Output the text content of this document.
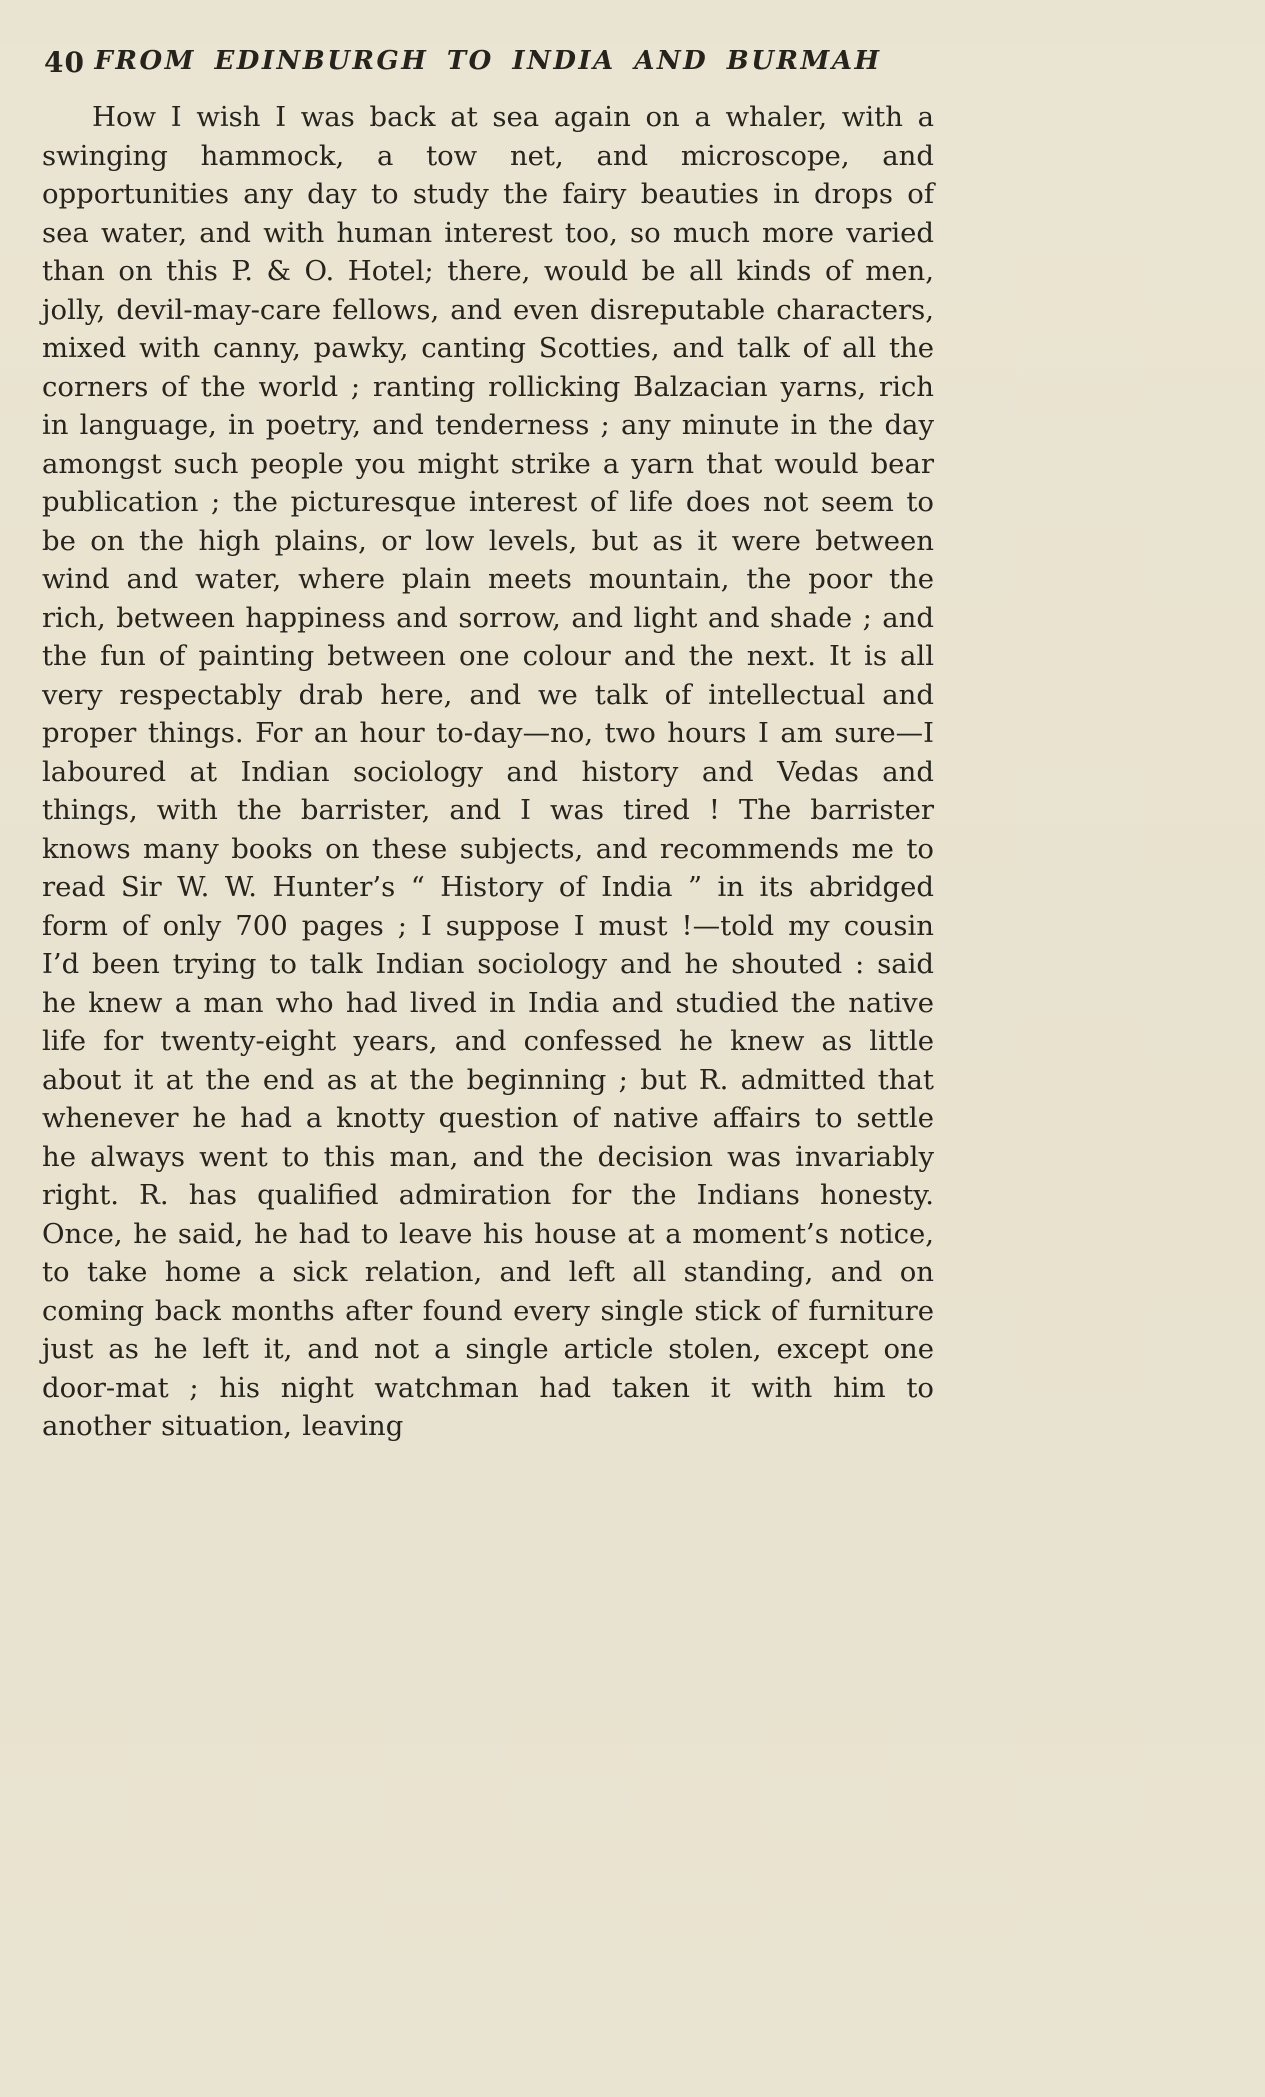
40 FROM EDINBURGH TO INDIA AND BURMAH

How I wish I was back at sea again on a whaler, with a swinging hammock, a tow net, and microscope, and opportunities any day to study the fairy beauties in drops of sea water, and with human interest too, so much more varied than on this P. & O. Hotel; there, would be all kinds of men, jolly, devil-may-care fellows, and even disreputable characters, mixed with canny, pawky, canting Scotties, and talk of all the corners of the world ; ranting rollicking Balzacian yarns, rich in language, in poetry, and tenderness ; any minute in the day amongst such people you might strike a yarn that would bear publication ; the picturesque interest of life does not seem to be on the high plains, or low levels, but as it were between wind and water, where plain meets mountain, the poor the rich, between happiness and sorrow, and light and shade ; and the fun of painting between one colour and the next. It is all very respectably drab here, and we talk of intellectual and proper things. For an hour to-day—no, two hours I am sure—I laboured at Indian sociology and history and Vedas and things, with the barrister, and I was tired ! The barrister knows many books on these subjects, and recommends me to read Sir W. W. Hunter’s “ History of India ” in its abridged form of only 700 pages ; I suppose I must !—told my cousin I’d been trying to talk Indian sociology and he shouted : said he knew a man who had lived in India and studied the native life for twenty-eight years, and confessed he knew as little about it at the end as at the beginning ; but R. admitted that whenever he had a knotty question of native affairs to settle he always went to this man, and the decision was invariably right. R. has qualified admiration for the Indians honesty. Once, he said, he had to leave his house at a moment’s notice, to take home a sick relation, and left all standing, and on coming back months after found every single stick of furniture just as he left it, and not a single article stolen, except one door-mat ; his night watchman had taken it with him to another situation, leaving
